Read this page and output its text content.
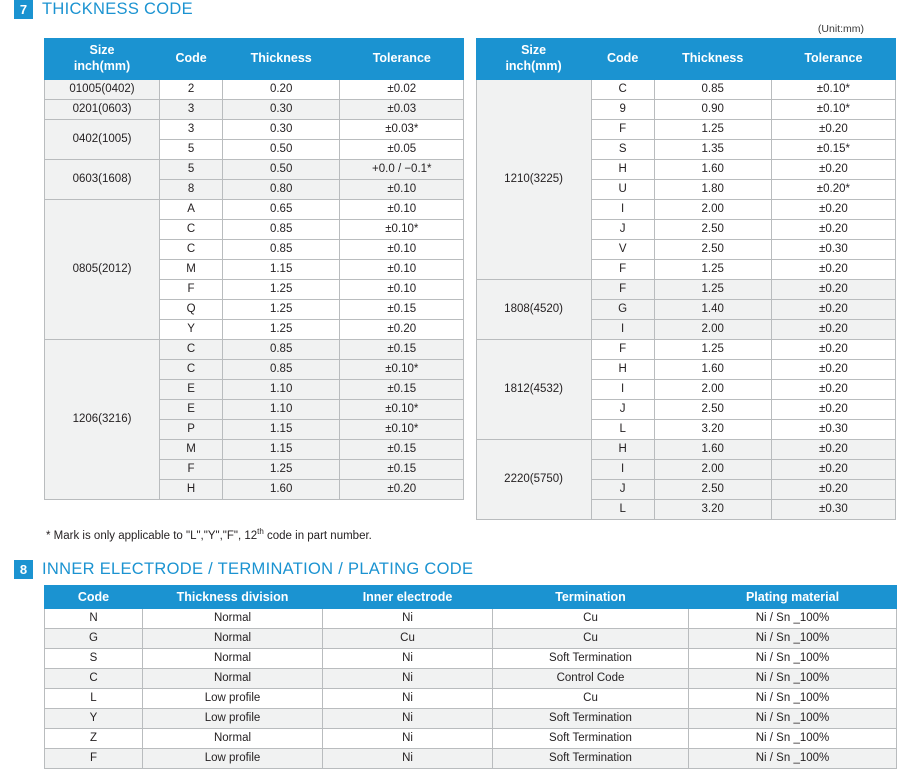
7 THICKNESS CODE
(Unit:mm)
Size
inch(mm)	Code	Thickness	Tolerance		Size
inch(mm)	Code	Thickness	Tolerance
01005(0402)	2	0.20	±0.02		1210(3225)	C	0.85	±0.10*
0201(0603)	3	0.30	±0.03			9	0.90	±0.10*
0402(1005)	3	0.30	±0.03*			F	1.25	±0.20
	5	0.50	±0.05			S	1.35	±0.15*
0603(1608)	5	0.50	+0.0 / −0.1*			H	1.60	±0.20
	8	0.80	±0.10			U	1.80	±0.20*
0805(2012)	A	0.65	±0.10			I	2.00	±0.20
	C	0.85	±0.10*			J	2.50	±0.20
	C	0.85	±0.10			V	2.50	±0.30
	M	1.15	±0.10			F	1.25	±0.20
	F	1.25	±0.10		1808(4520)	F	1.25	±0.20
	Q	1.25	±0.15			G	1.40	±0.20
	Y	1.25	±0.20			I	2.00	±0.20
1206(3216)	C	0.85	±0.15		1812(4532)	F	1.25	±0.20
	C	0.85	±0.10*			H	1.60	±0.20
	E	1.10	±0.15			I	2.00	±0.20
	E	1.10	±0.10*			J	2.50	±0.20
	P	1.15	±0.10*			L	3.20	±0.30
	M	1.15	±0.15		2220(5750)	H	1.60	±0.20
	F	1.25	±0.15			I	2.00	±0.20
	H	1.60	±0.20			J	2.50	±0.20
						L	3.20	±0.30
* Mark is only applicable to "L","Y","F", 12th code in part number.
8 INNER ELECTRODE / TERMINATION / PLATING CODE
Code	Thickness division	Inner electrode	Termination	Plating material
N	Normal	Ni	Cu	Ni / Sn _100%
G	Normal	Cu	Cu	Ni / Sn _100%
S	Normal	Ni	Soft Termination	Ni / Sn _100%
C	Normal	Ni	Control Code	Ni / Sn _100%
L	Low profile	Ni	Cu	Ni / Sn _100%
Y	Low profile	Ni	Soft Termination	Ni / Sn _100%
Z	Normal	Ni	Soft Termination	Ni / Sn _100%
F	Low profile	Ni	Soft Termination	Ni / Sn _100%
